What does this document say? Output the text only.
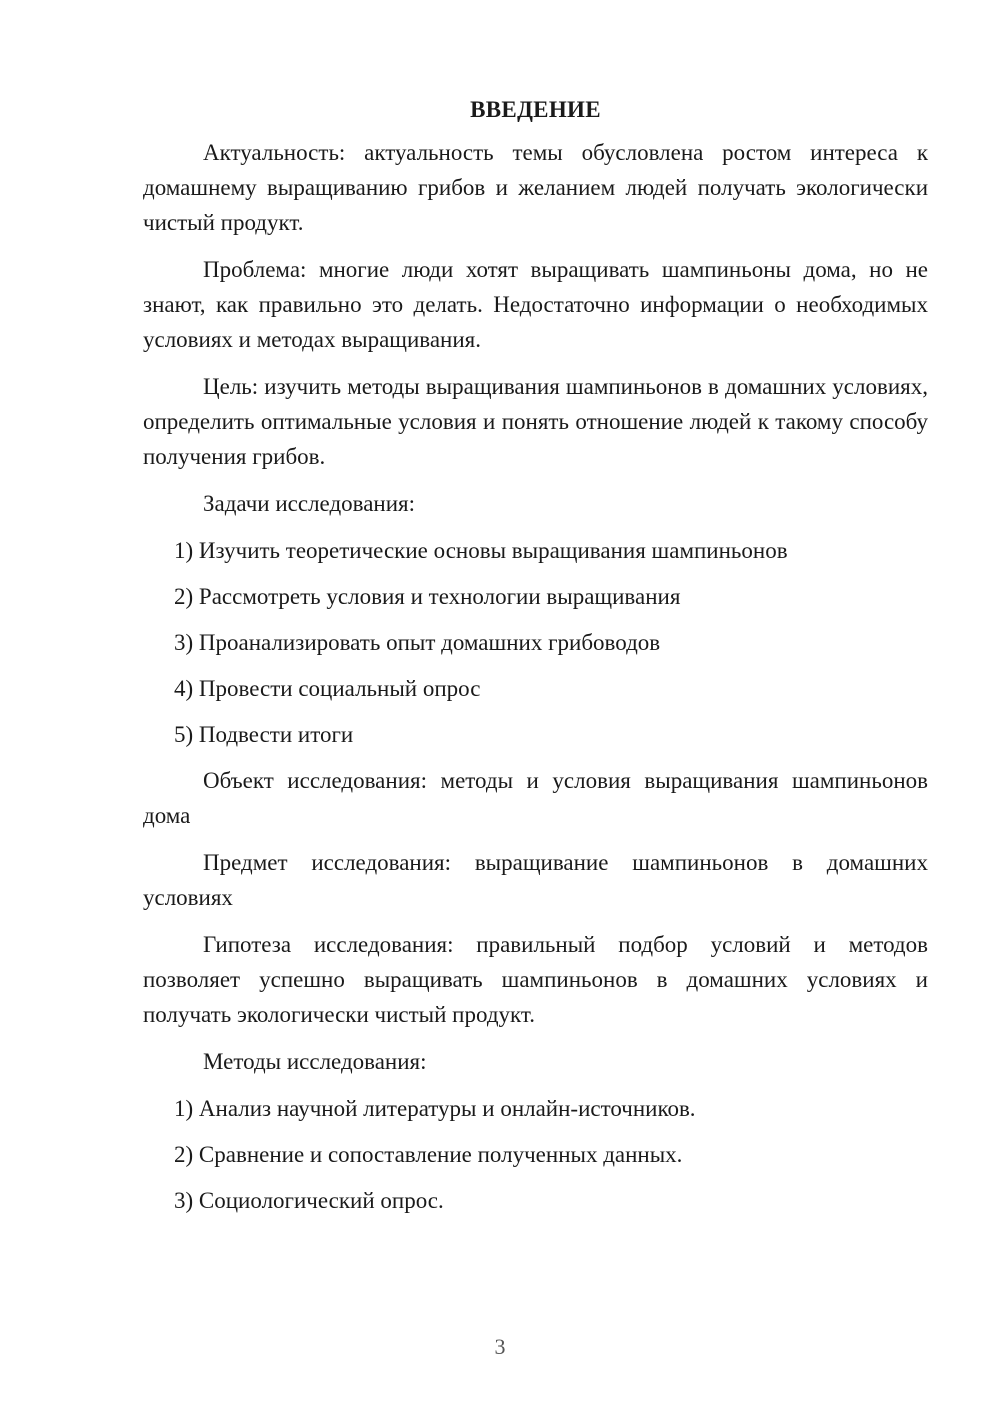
ВВЕДЕНИЕ

Актуальность: актуальность темы обусловлена ростом интереса к домашнему выращиванию грибов и желанием людей получать экологически чистый продукт.

Проблема: многие люди хотят выращивать шампиньоны дома, но не знают, как правильно это делать. Недостаточно информации о необходимых условиях и методах выращивания.

Цель: изучить методы выращивания шампиньонов в домашних условиях, определить оптимальные условия и понять отношение людей к такому способу получения грибов.

Задачи исследования:

1) Изучить теоретические основы выращивания шампиньонов
2) Рассмотреть условия и технологии выращивания
3) Проанализировать опыт домашних грибоводов
4) Провести социальный опрос
5) Подвести итоги

Объект исследования: методы и условия выращивания шампиньонов дома

Предмет исследования: выращивание шампиньонов в домашних условиях

Гипотеза исследования: правильный подбор условий и методов позволяет успешно выращивать шампиньонов в домашних условиях и получать экологически чистый продукт.

Методы исследования:

1) Анализ научной литературы и онлайн-источников.
2) Сравнение и сопоставление полученных данных.
3) Социологический опрос.
3
